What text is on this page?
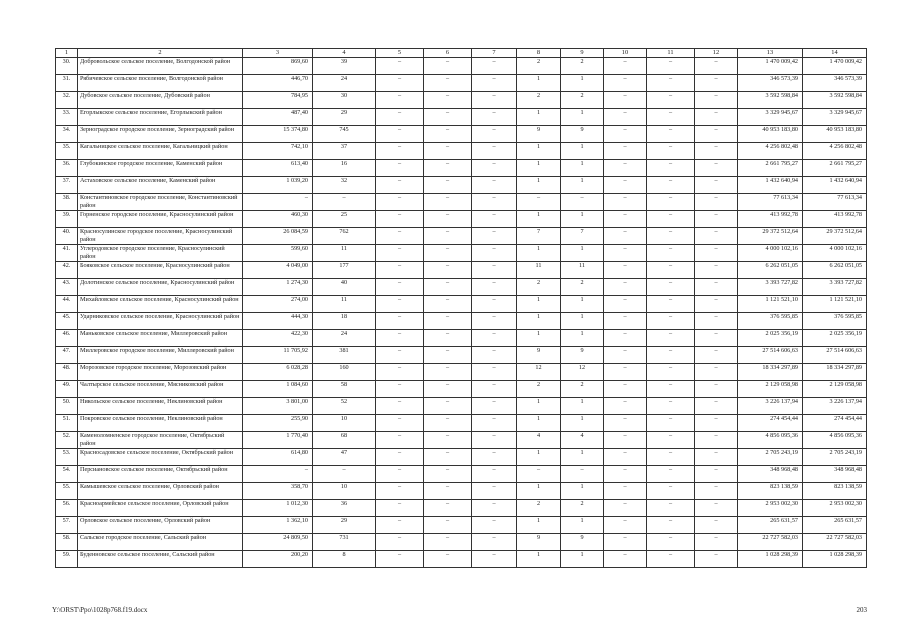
1	2	3	4	5	6	7	8	9	10	11	12	13	14
30.	Добровольское сельское поселение, Волгодонской район	869,60	39	–	–	–	2	2	–	–	–	1 470 009,42	1 470 009,42
31.	Рябичевское сельское поселение, Волгодонской район	446,70	24	–	–	–	1	1	–	–	–	346 573,39	346 573,39
32.	Дубовское сельское поселение, Дубовский район	784,95	30	–	–	–	2	2	–	–	–	3 592 598,84	3 592 598,84
33.	Егорлыкское сельское поселение, Егорлыкский район	487,40	29	–	–	–	1	1	–	–	–	3 329 945,67	3 329 945,67
34.	Зерноградское городское поселение, Зерноградский район	15 374,80	745	–	–	–	9	9	–	–	–	40 953 183,80	40 953 183,80
35.	Кагальницкое сельское поселение, Кагальницкий район	742,10	37	–	–	–	1	1	–	–	–	4 256 802,48	4 256 802,48
36.	Глубокинское городское поселение, Каменский район	613,40	16	–	–	–	1	1	–	–	–	2 661 795,27	2 661 795,27
37.	Астаховское сельское поселение, Каменский район	1 039,20	32	–	–	–	1	1	–	–	–	1 432 640,94	1 432 640,94
38.	Константиновское городское поселение, Константиновский район	–	–	–	–	–	–	–	–	–	–	77 613,34	77 613,34
39.	Горненское городское поселение, Красносулинский район	460,30	25	–	–	–	1	1	–	–	–	413 992,78	413 992,78
40.	Красносулинское городское поселение, Красносулинский район	26 084,59	762	–	–	–	7	7	–	–	–	29 372 512,64	29 372 512,64
41.	Углеродовское городское поселение, Красносулинский район	599,60	11	–	–	–	1	1	–	–	–	4 000 102,16	4 000 102,16
42.	Бояковское сельское поселение, Красносулинский район	4 049,00	177	–	–	–	11	11	–	–	–	6 262 051,05	6 262 051,05
43.	Долотинское сельское поселение, Красносулинский район	1 274,30	40	–	–	–	2	2	–	–	–	3 393 727,82	3 393 727,82
44.	Михайловское сельское поселение, Красносулинский район	274,00	11	–	–	–	1	1	–	–	–	1 121 521,10	1 121 521,10
45.	Ударниковское сельское поселение, Красносулинский район	444,30	18	–	–	–	1	1	–	–	–	376 595,85	376 595,85
46.	Маньковское сельское поселение, Миллеровский район	422,30	24	–	–	–	1	1	–	–	–	2 025 356,19	2 025 356,19
47.	Миллеровское городское поселение, Миллеровский район	11 705,92	381	–	–	–	9	9	–	–	–	27 514 606,63	27 514 606,63
48.	Морозовское городское поселение, Морозовский район	6 028,28	160	–	–	–	12	12	–	–	–	18 334 297,89	18 334 297,89
49.	Чалтырское сельское поселение, Мясниковский район	1 084,60	58	–	–	–	2	2	–	–	–	2 129 058,98	2 129 058,98
50.	Никольское сельское поселение, Неклиновский район	3 801,00	52	–	–	–	1	1	–	–	–	3 226 137,94	3 226 137,94
51.	Покровское сельское поселение, Неклиновский район	255,90	10	–	–	–	1	1	–	–	–	274 454,44	274 454,44
52.	Каменоломненское городское поселение, Октябрьский район	1 770,40	68	–	–	–	4	4	–	–	–	4 856 095,36	4 856 095,36
53.	Красносадовское сельское поселение, Октябрьский район	614,80	47	–	–	–	1	1	–	–	–	2 705 243,19	2 705 243,19
54.	Персиановское сельское поселение, Октябрьский район	–	–	–	–	–	–	–	–	–	–	348 968,48	348 968,48
55.	Камышевское сельское поселение, Орловский район	358,70	10	–	–	–	1	1	–	–	–	823 138,59	823 138,59
56.	Красноармейское сельское поселение, Орловский район	1 012,30	36	–	–	–	2	2	–	–	–	2 953 002,30	2 953 002,30
57.	Орловское сельское поселение, Орловский район	1 362,10	29	–	–	–	1	1	–	–	–	265 631,57	265 631,57
58.	Сальское городское поселение, Сальский район	24 809,50	731	–	–	–	9	9	–	–	–	22 727 582,03	22 727 582,03
59.	Буденновское сельское поселение, Сальский район	200,20	8	–	–	–	1	1	–	–	–	1 028 298,39	1 028 298,39
Y:\ORST\Ppo\1028p768.f19.docx	203
